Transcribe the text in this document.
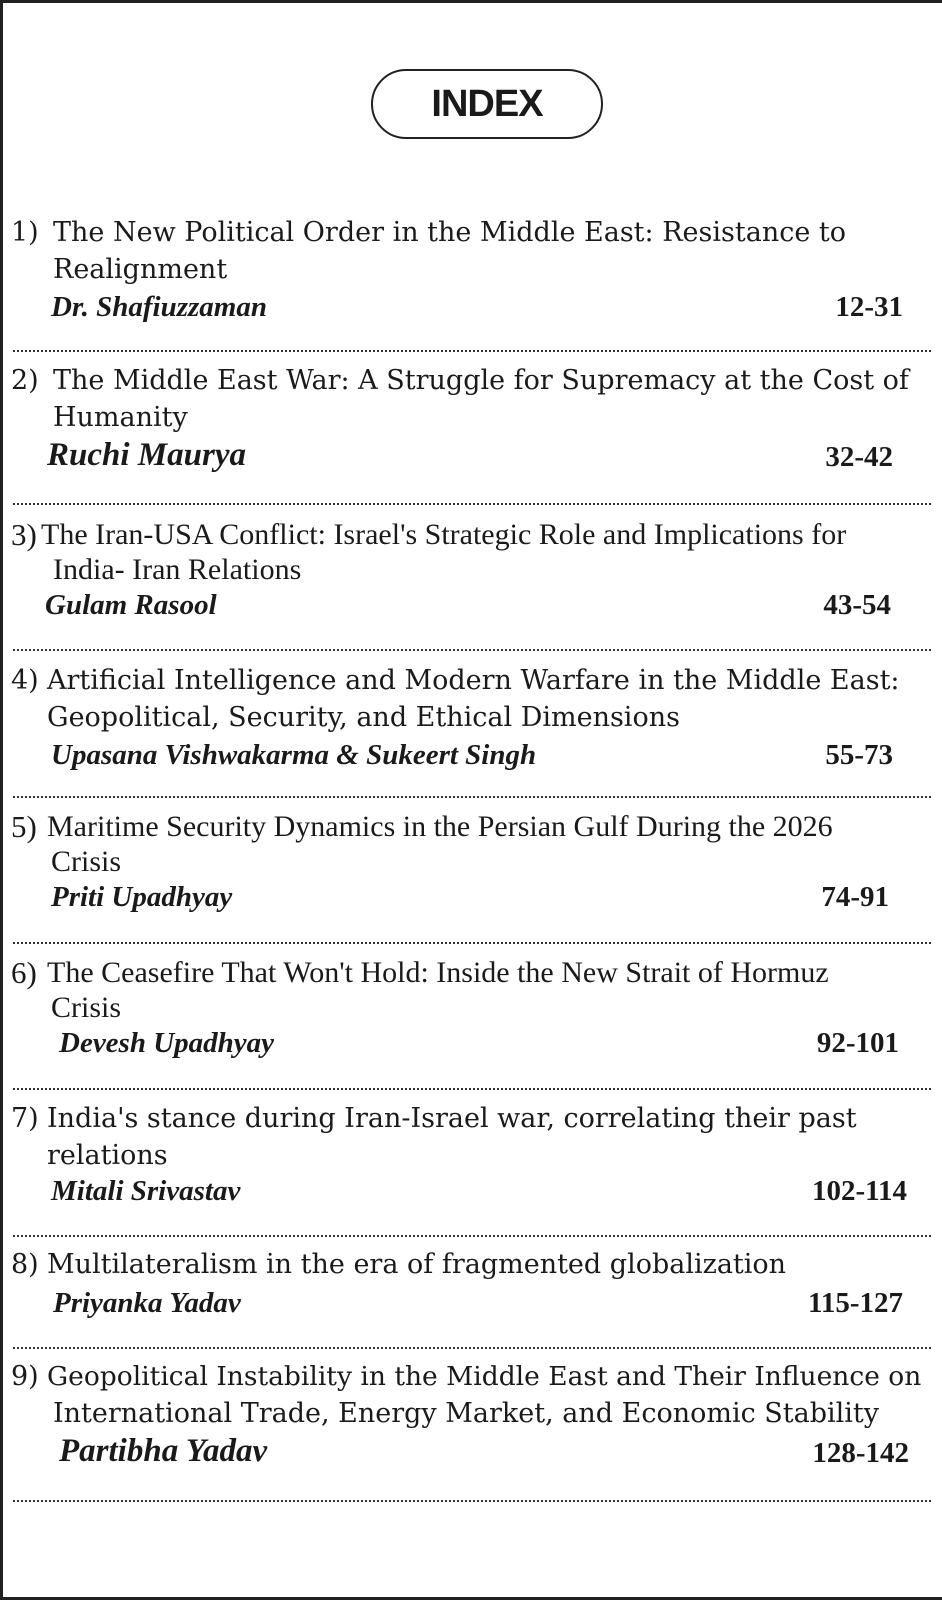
INDEX
1) The New Political Order in the Middle East: Resistance to
Realignment
Dr. Shafiuzzaman	12-31
2) The Middle East War: A Struggle for Supremacy at the Cost of
Humanity
Ruchi Maurya	32-42
3) The Iran-USA Conflict: Israel's Strategic Role and Implications for
India- Iran Relations
Gulam Rasool	43-54
4) Artificial Intelligence and Modern Warfare in the Middle East:
Geopolitical, Security, and Ethical Dimensions
Upasana Vishwakarma & Sukeert Singh	55-73
5) Maritime Security Dynamics in the Persian Gulf During the 2026
Crisis
Priti Upadhyay	74-91
6) The Ceasefire That Won't Hold: Inside the New Strait of Hormuz
Crisis
Devesh Upadhyay	92-101
7) India's stance during Iran-Israel war, correlating their past
relations
Mitali Srivastav	102-114
8) Multilateralism in the era of fragmented globalization
Priyanka Yadav	115-127
9) Geopolitical Instability in the Middle East and Their Influence on
International Trade, Energy Market, and Economic Stability
Partibha Yadav	128-142
